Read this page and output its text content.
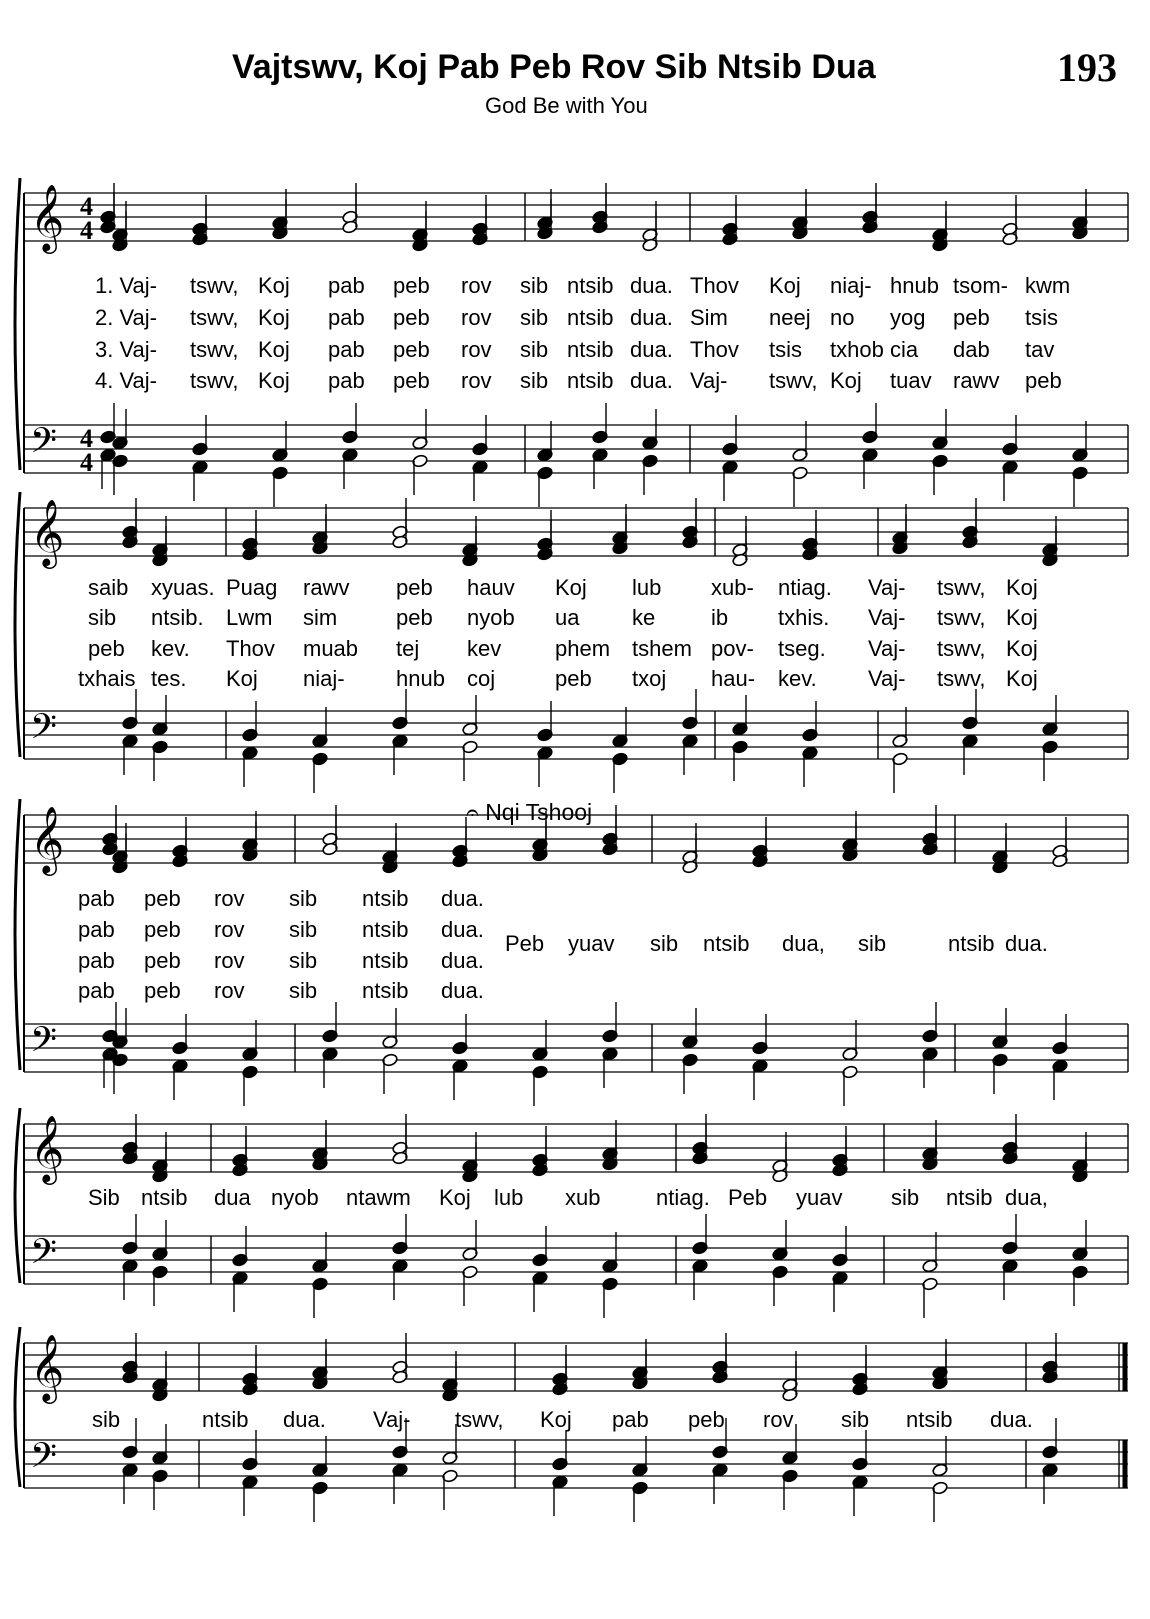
Vajtswv, Koj Pab Peb Rov Sib Ntsib Dua	193
God Be with You
𝄐 Nqi Tshooj
𝄞 4
4
𝄢 4
4
𝄞
𝄢
𝄞
𝄢
𝄞
𝄢
𝄞
𝄢
1. Vaj- tswv, Koj pab peb rov sib ntsib dua. Thov Koj niaj- hnub tsom- kwm
2. Vaj- tswv, Koj pab peb rov sib ntsib dua. Sim neej no yog peb tsis
3. Vaj- tswv, Koj pab peb rov sib ntsib dua. Thov tsis txhob cia dab tav
4. Vaj- tswv, Koj pab peb rov sib ntsib dua. Vaj- tswv, Koj tuav rawv peb
saib xyuas. Puag rawv peb hauv Koj lub xub- ntiag. Vaj- tswv, Koj
sib ntsib. Lwm sim	peb nyob ua ke	ib txhis. Vaj- tswv, Koj
peb kev. Thov muab tej kev phem tshem pov- tseg. Vaj- tswv, Koj
txhais tes. Koj niaj- hnub coj	peb txoj hau- kev. Vaj- tswv, Koj
pab peb rov sib ntsib dua.
pab peb rov sib ntsib dua.
pab peb rov sib ntsib dua.
pab peb rov sib ntsib dua.
Peb yuav sib ntsib dua, sib	ntsib dua.
Sib ntsib dua nyob ntawm Koj lub xub	ntiag. Peb yuav sib ntsib dua,
sib	ntsib dua. Vaj- tswv, Koj pab peb rov sib ntsib dua.
